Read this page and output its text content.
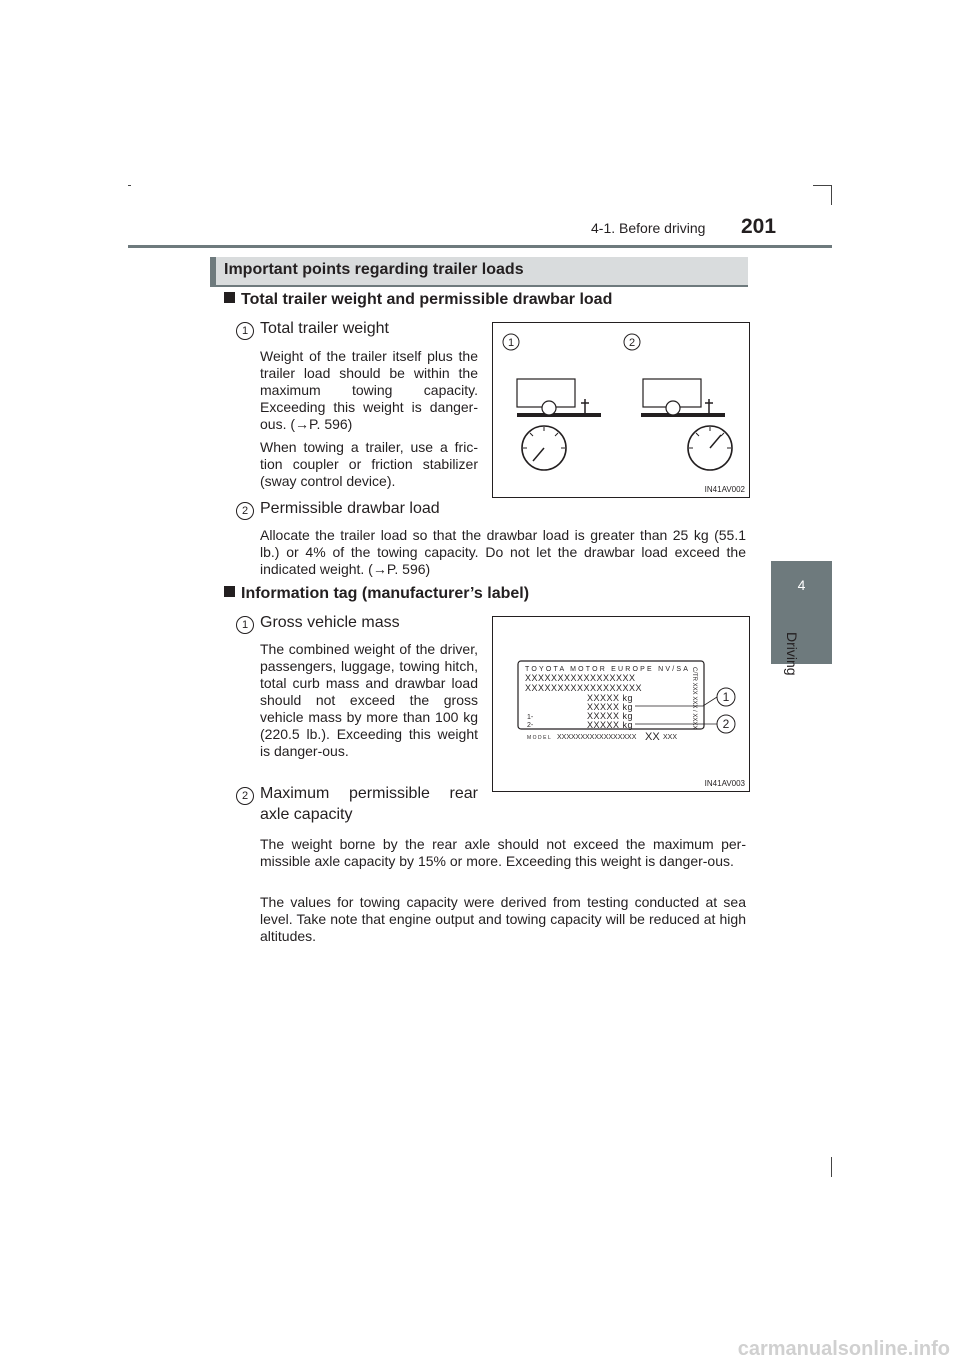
4-1. Before driving 201
4
Driving
Important points regarding trailer loads
Total trailer weight and permissible drawbar load
1 Total trailer weight
Weight of the trailer itself plus the trailer load should be within the maximum towing capacity. Exceeding this weight is danger-ous. (→P. 596)
When towing a trailer, use a fric-tion coupler or friction stabilizer (sway control device).
1	2
IN41AV002
2 Permissible drawbar load
Allocate the trailer load so that the drawbar load is greater than 25 kg (55.1 lb.) or 4% of the towing capacity. Do not let the drawbar load exceed the indicated weight. (→P. 596)
Information tag (manufacturer’s label)
1 Gross vehicle mass
The combined weight of the driver, passengers, luggage, towing hitch, total curb mass and drawbar load should not exceed the gross vehicle mass by more than 100 kg (220.5 lb.). Exceeding this weight is danger-ous.
TOYOTA MOTOR EUROPE NV/SA
XXXXXXXXXXXXXXXXX
XXXXXXXXXXXXXXXXXX
XXXXX kg
XXXXX kg
XXXXX kg
XXXXX kg
1-
2-
MODEL XXXXXXXXXXXXXXXXX XX XXX
C/TR XXX XXX / XXXX 1
2
IN41AV003
2 Maximum permissible rear
axle capacity
The weight borne by the rear axle should not exceed the maximum per-missible axle capacity by 15% or more. Exceeding this weight is danger-ous.
The values for towing capacity were derived from testing conducted at sea level. Take note that engine output and towing capacity will be reduced at high altitudes.
carmanualsonline.info
